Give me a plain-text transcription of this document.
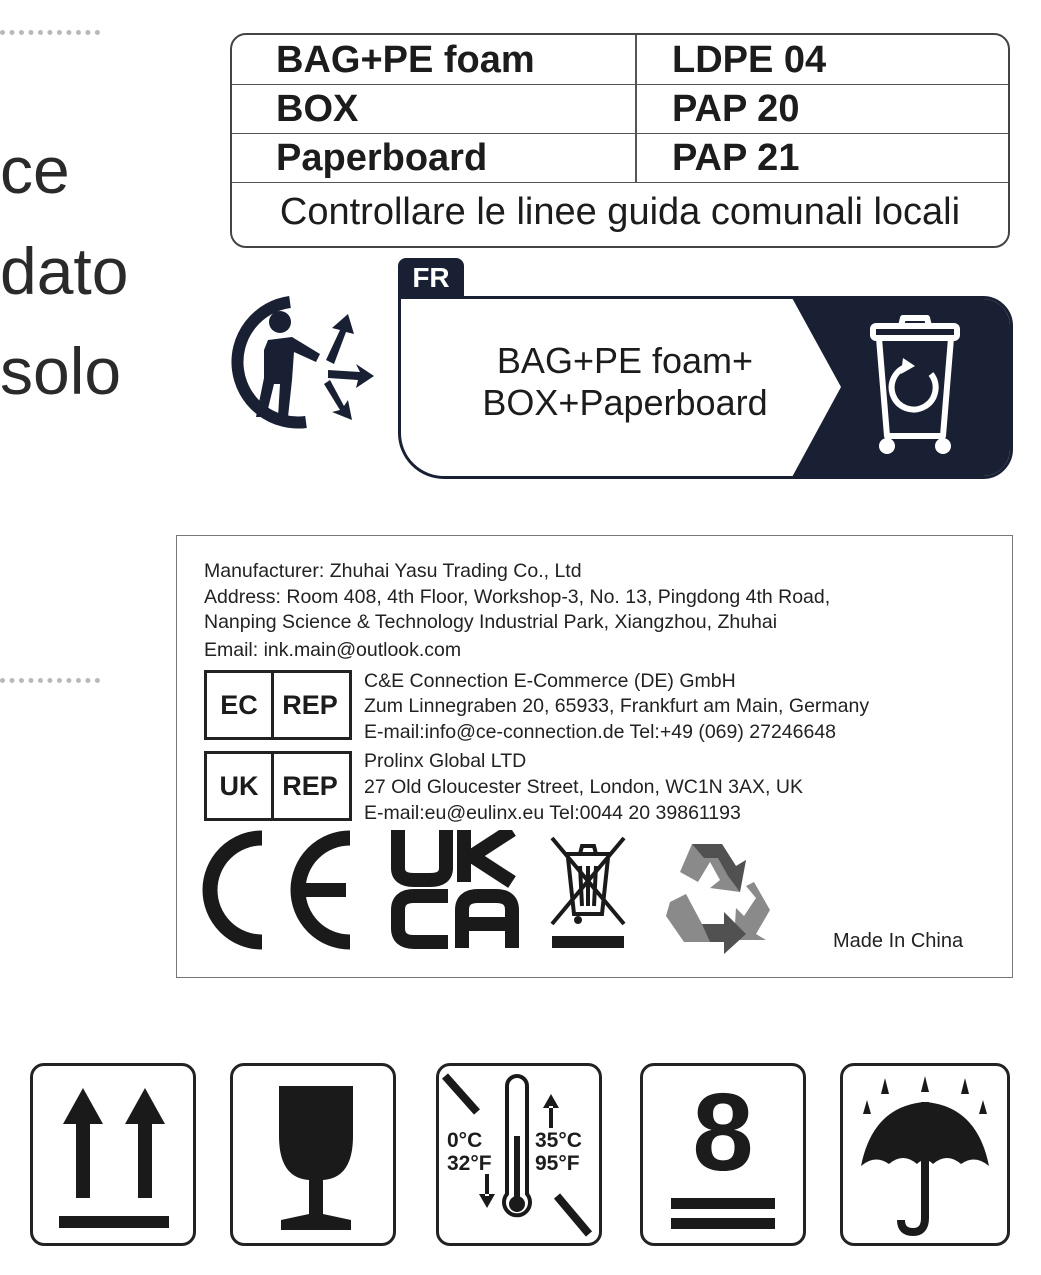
ce
dato
solo
BAG+PE foam	LDPE 04
BOX	PAP 20
Paperboard	PAP 21
Controllare le linee guida comunali locali
FR
BAG+PE foam+
BOX+Paperboard
Manufacturer: Zhuhai Yasu Trading Co., Ltd
Address: Room 408, 4th Floor, Workshop-3, No. 13, Pingdong 4th Road,
Nanping Science & Technology Industrial Park, Xiangzhou, Zhuhai
Email: ink.main@outlook.com
EC REP
C&E Connection E-Commerce (DE) GmbH
Zum Linnegraben 20, 65933, Frankfurt am Main, Germany
E-mail:info@ce-connection.de Tel:+49 (069) 27246648
UK REP
Prolinx Global LTD
27 Old Gloucester Street, London, WC1N 3AX, UK
E-mail:eu@eulinx.eu Tel:0044 20 39861193
Made In China
0°C
32°F
35°C
95°F	8
